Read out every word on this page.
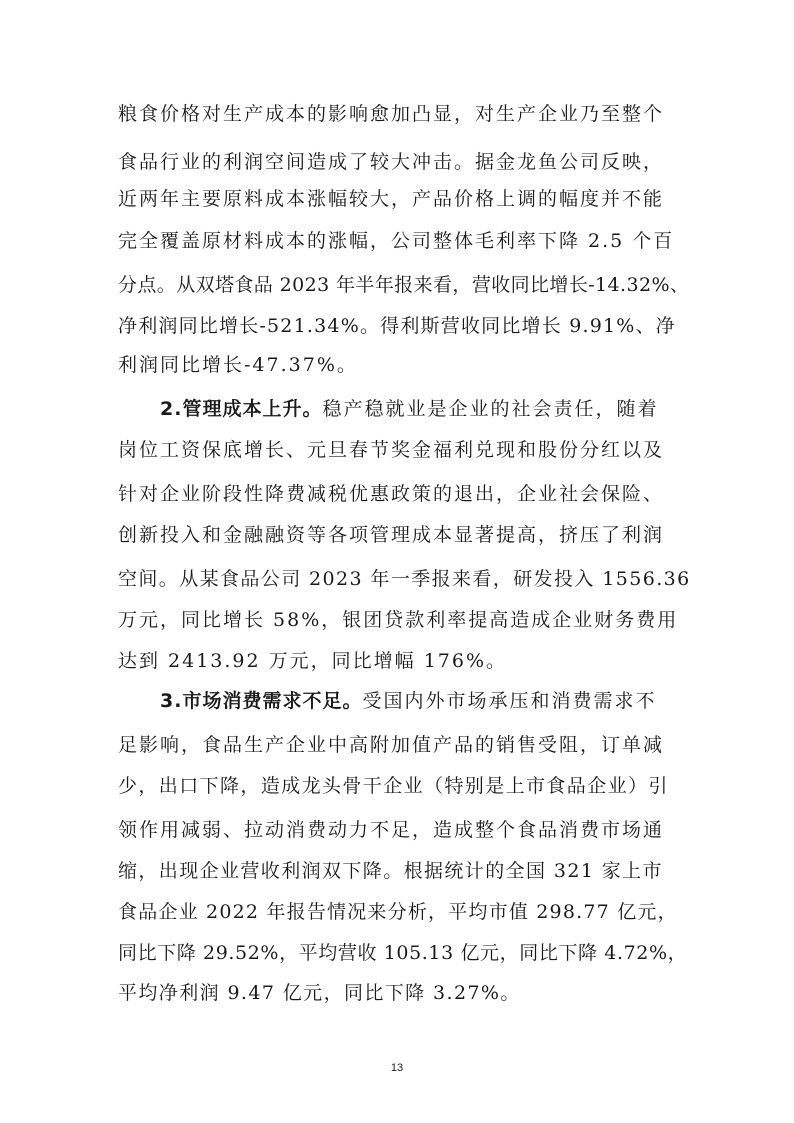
粮食价格对生产成本的影响愈加凸显，对生产企业乃至整个
食品行业的利润空间造成了较大冲击。据金龙鱼公司反映，
近两年主要原料成本涨幅较大，产品价格上调的幅度并不能
完全覆盖原材料成本的涨幅，公司整体毛利率下降 2.5 个百
分点。从双塔食品 2023 年半年报来看，营收同比增长-14.32%、
净利润同比增长-521.34%。得利斯营收同比增长 9.91%、净
利润同比增长-47.37%。
2.管理成本上升。稳产稳就业是企业的社会责任，随着
岗位工资保底增长、元旦春节奖金福利兑现和股份分红以及
针对企业阶段性降费减税优惠政策的退出，企业社会保险、
创新投入和金融融资等各项管理成本显著提高，挤压了利润
空间。从某食品公司 2023 年一季报来看，研发投入 1556.36
万元，同比增长 58%，银团贷款利率提高造成企业财务费用
达到 2413.92 万元，同比增幅 176%。
3.市场消费需求不足。受国内外市场承压和消费需求不
足影响，食品生产企业中高附加值产品的销售受阻，订单减
少，出口下降，造成龙头骨干企业（特别是上市食品企业）引
领作用减弱、拉动消费动力不足，造成整个食品消费市场通
缩，出现企业营收利润双下降。根据统计的全国 321 家上市
食品企业 2022 年报告情况来分析，平均市值 298.77 亿元，
同比下降 29.52%，平均营收 105.13 亿元，同比下降 4.72%，
平均净利润 9.47 亿元，同比下降 3.27%。
13
